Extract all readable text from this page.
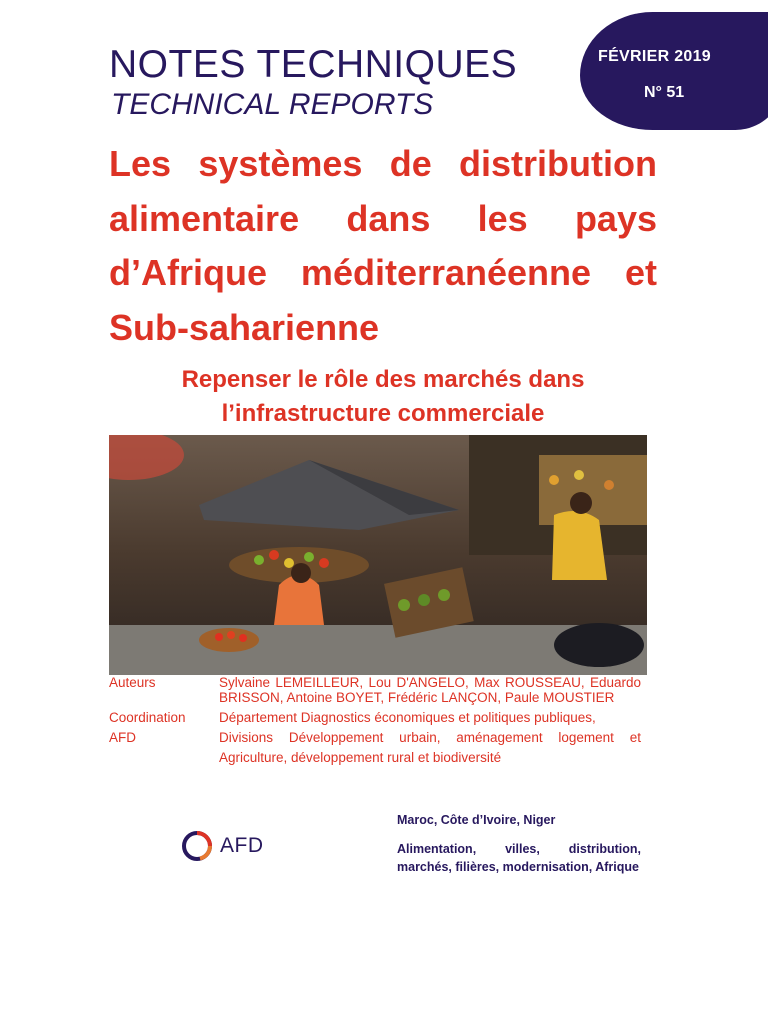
FÉVRIER 2019
N° 51
NOTES TECHNIQUES
TECHNICAL REPORTS
Les systèmes de distribution alimentaire dans les pays d’Afrique méditerranéenne et Sub-saharienne
Repenser le rôle des marchés dans l’infrastructure commerciale
Auteurs	Sylvaine LEMEILLEUR, Lou D'ANGELO, Max ROUSSEAU, Eduardo BRISSON, Antoine BOYET, Frédéric LANÇON, Paule MOUSTIER
Coordination	Département Diagnostics économiques et politiques publiques,
AFD	Divisions Développement urbain, aménagement logement et Agriculture, développement rural et biodiversité
AFD
Maroc, Côte d’Ivoire, Niger
Alimentation, villes, distribution, marchés, filières, modernisation, Afrique
